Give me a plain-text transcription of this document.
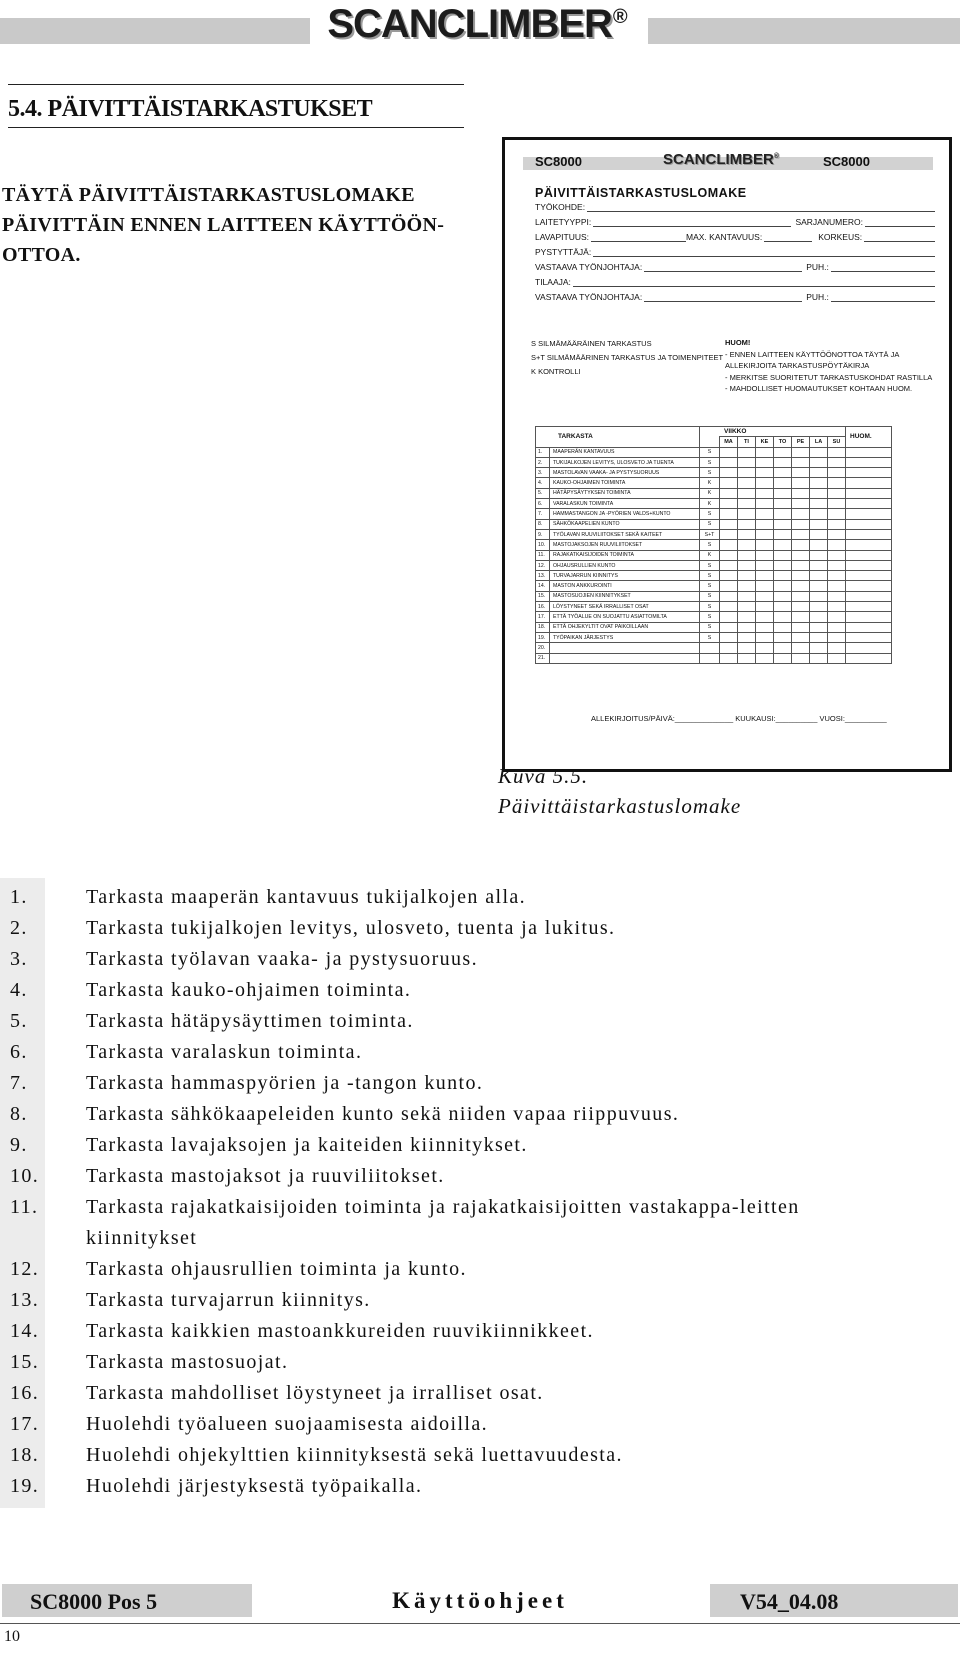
SCANCLIMBER®
5.4. PÄIVITTÄISTARKASTUKSET
TÄYTÄ PÄIVITTÄISTARKASTUSLOMAKE
PÄIVITTÄIN ENNEN LAITTEEN KÄYTTÖÖN-
OTTOA.
SC8000	SCANCLIMBER®	SC8000
PÄIVITTÄISTARKASTUSLOMAKE
TYÖKOHDE:
LAITETYYPPI:	SARJANUMERO:
LAVAPITUUS:	MAX. KANTAVUUS:	KORKEUS:
PYSTYTTÄJÄ:
VASTAAVA TYÖNJOHTAJA:	PUH.:
TILAAJA:
VASTAAVA TYÖNJOHTAJA:	PUH.:
S SILMÄMÄÄRÄINEN TARKASTUS
S+T SILMÄMÄÄRINEN TARKASTUS JA TOIMENPITEET
K KONTROLLI
HUOM!
- ENNEN LAITTEEN KÄYTTÖÖNOTTOA TÄYTÄ JA
ALLEKIRJOITA TARKASTUSPÖYTÄKIRJA
- MERKITSE SUORITETUT TARKASTUSKOHDAT RASTILLA
- MAHDOLLISET HUOMAUTUKSET KOHTAAN HUOM.
TARKASTA		VIIKKO								HUOM.
			MA	TI	KE	TO	PE	LA	SU	
1.	MAAPERÄN KANTAVUUS	S								
2.	TUKIJALKOJEN LEVITYS, ULOSVETO JA TUENTA	S								
3.	MASTOLAVAN VAAKA- JA PYSTYSUORUUS	S								
4.	KAUKO-OHJAIMEN TOIMINTA	K								
5.	HÄTÄPYSÄYTYKSEN TOIMINTA	K								
6.	VARALASKUN TOIMINTA	K								
7.	HAMMASTANGON JA -PYÖRIEN VALDS+KUNTO	S								
8.	SÄHKÖKAAPELIEN KUNTO	S								
9.	TYÖLAVAN RUUVILIITOKSET SEKÄ KAITEET	S+T								
10.	MASTOJAKSOJEN RUUVILIITOKSET	S								
11.	RAJAKATKAISIJOIDEN TOIMINTA	K								
12.	OHJAUSRULLIEN KUNTO	S								
13.	TURVAJARRUN KIINNITYS	S								
14.	MASTON ANKKUROINTI	S								
15.	MASTOSUOJIEN KIINNITYKSET	S								
16.	LÖYSTYNEET SEKÄ IRRALLISET OSAT	S								
17.	ETTÄ TYÖALUE ON SUOJATTU ASIATTOMILTA	S								
18.	ETTÄ OHJEKYLTIT OVAT PAIKOILLAAN	S								
19.	TYÖPAIKAN JÄRJESTYS	S								
20.										
21.										
ALLEKIRJOITUS/PÄIVÄ:______________ KUUKAUSI:__________ VUOSI:__________
Kuva 5.5.
Päivittäistarkastuslomake
1.	Tarkasta maaperän kantavuus tukijalkojen alla.
2.	Tarkasta tukijalkojen levitys, ulosveto, tuenta ja lukitus.
3.	Tarkasta työlavan vaaka- ja pystysuoruus.
4.	Tarkasta kauko-ohjaimen toiminta.
5.	Tarkasta hätäpysäyttimen toiminta.
6.	Tarkasta varalaskun toiminta.
7.	Tarkasta hammaspyörien ja -tangon kunto.
8.	Tarkasta sähkökaapeleiden kunto sekä niiden vapaa riippuvuus.
9.	Tarkasta lavajaksojen ja kaiteiden kiinnitykset.
10.	Tarkasta mastojaksot ja ruuviliitokset.
11.	Tarkasta rajakatkaisijoiden toiminta ja rajakatkaisijoitten vastakappa-leitten kiinnitykset
12.	Tarkasta ohjausrullien toiminta ja kunto.
13.	Tarkasta turvajarrun kiinnitys.
14.	Tarkasta kaikkien mastoankkureiden ruuvikiinnikkeet.
15.	Tarkasta mastosuojat.
16.	Tarkasta mahdolliset löystyneet ja irralliset osat.
17.	Huolehdi työalueen suojaamisesta aidoilla.
18.	Huolehdi ohjekylttien kiinnityksestä sekä luettavuudesta.
19.	Huolehdi järjestyksestä työpaikalla.
SC8000 Pos 5	Käyttöohjeet	V54_04.08
10
